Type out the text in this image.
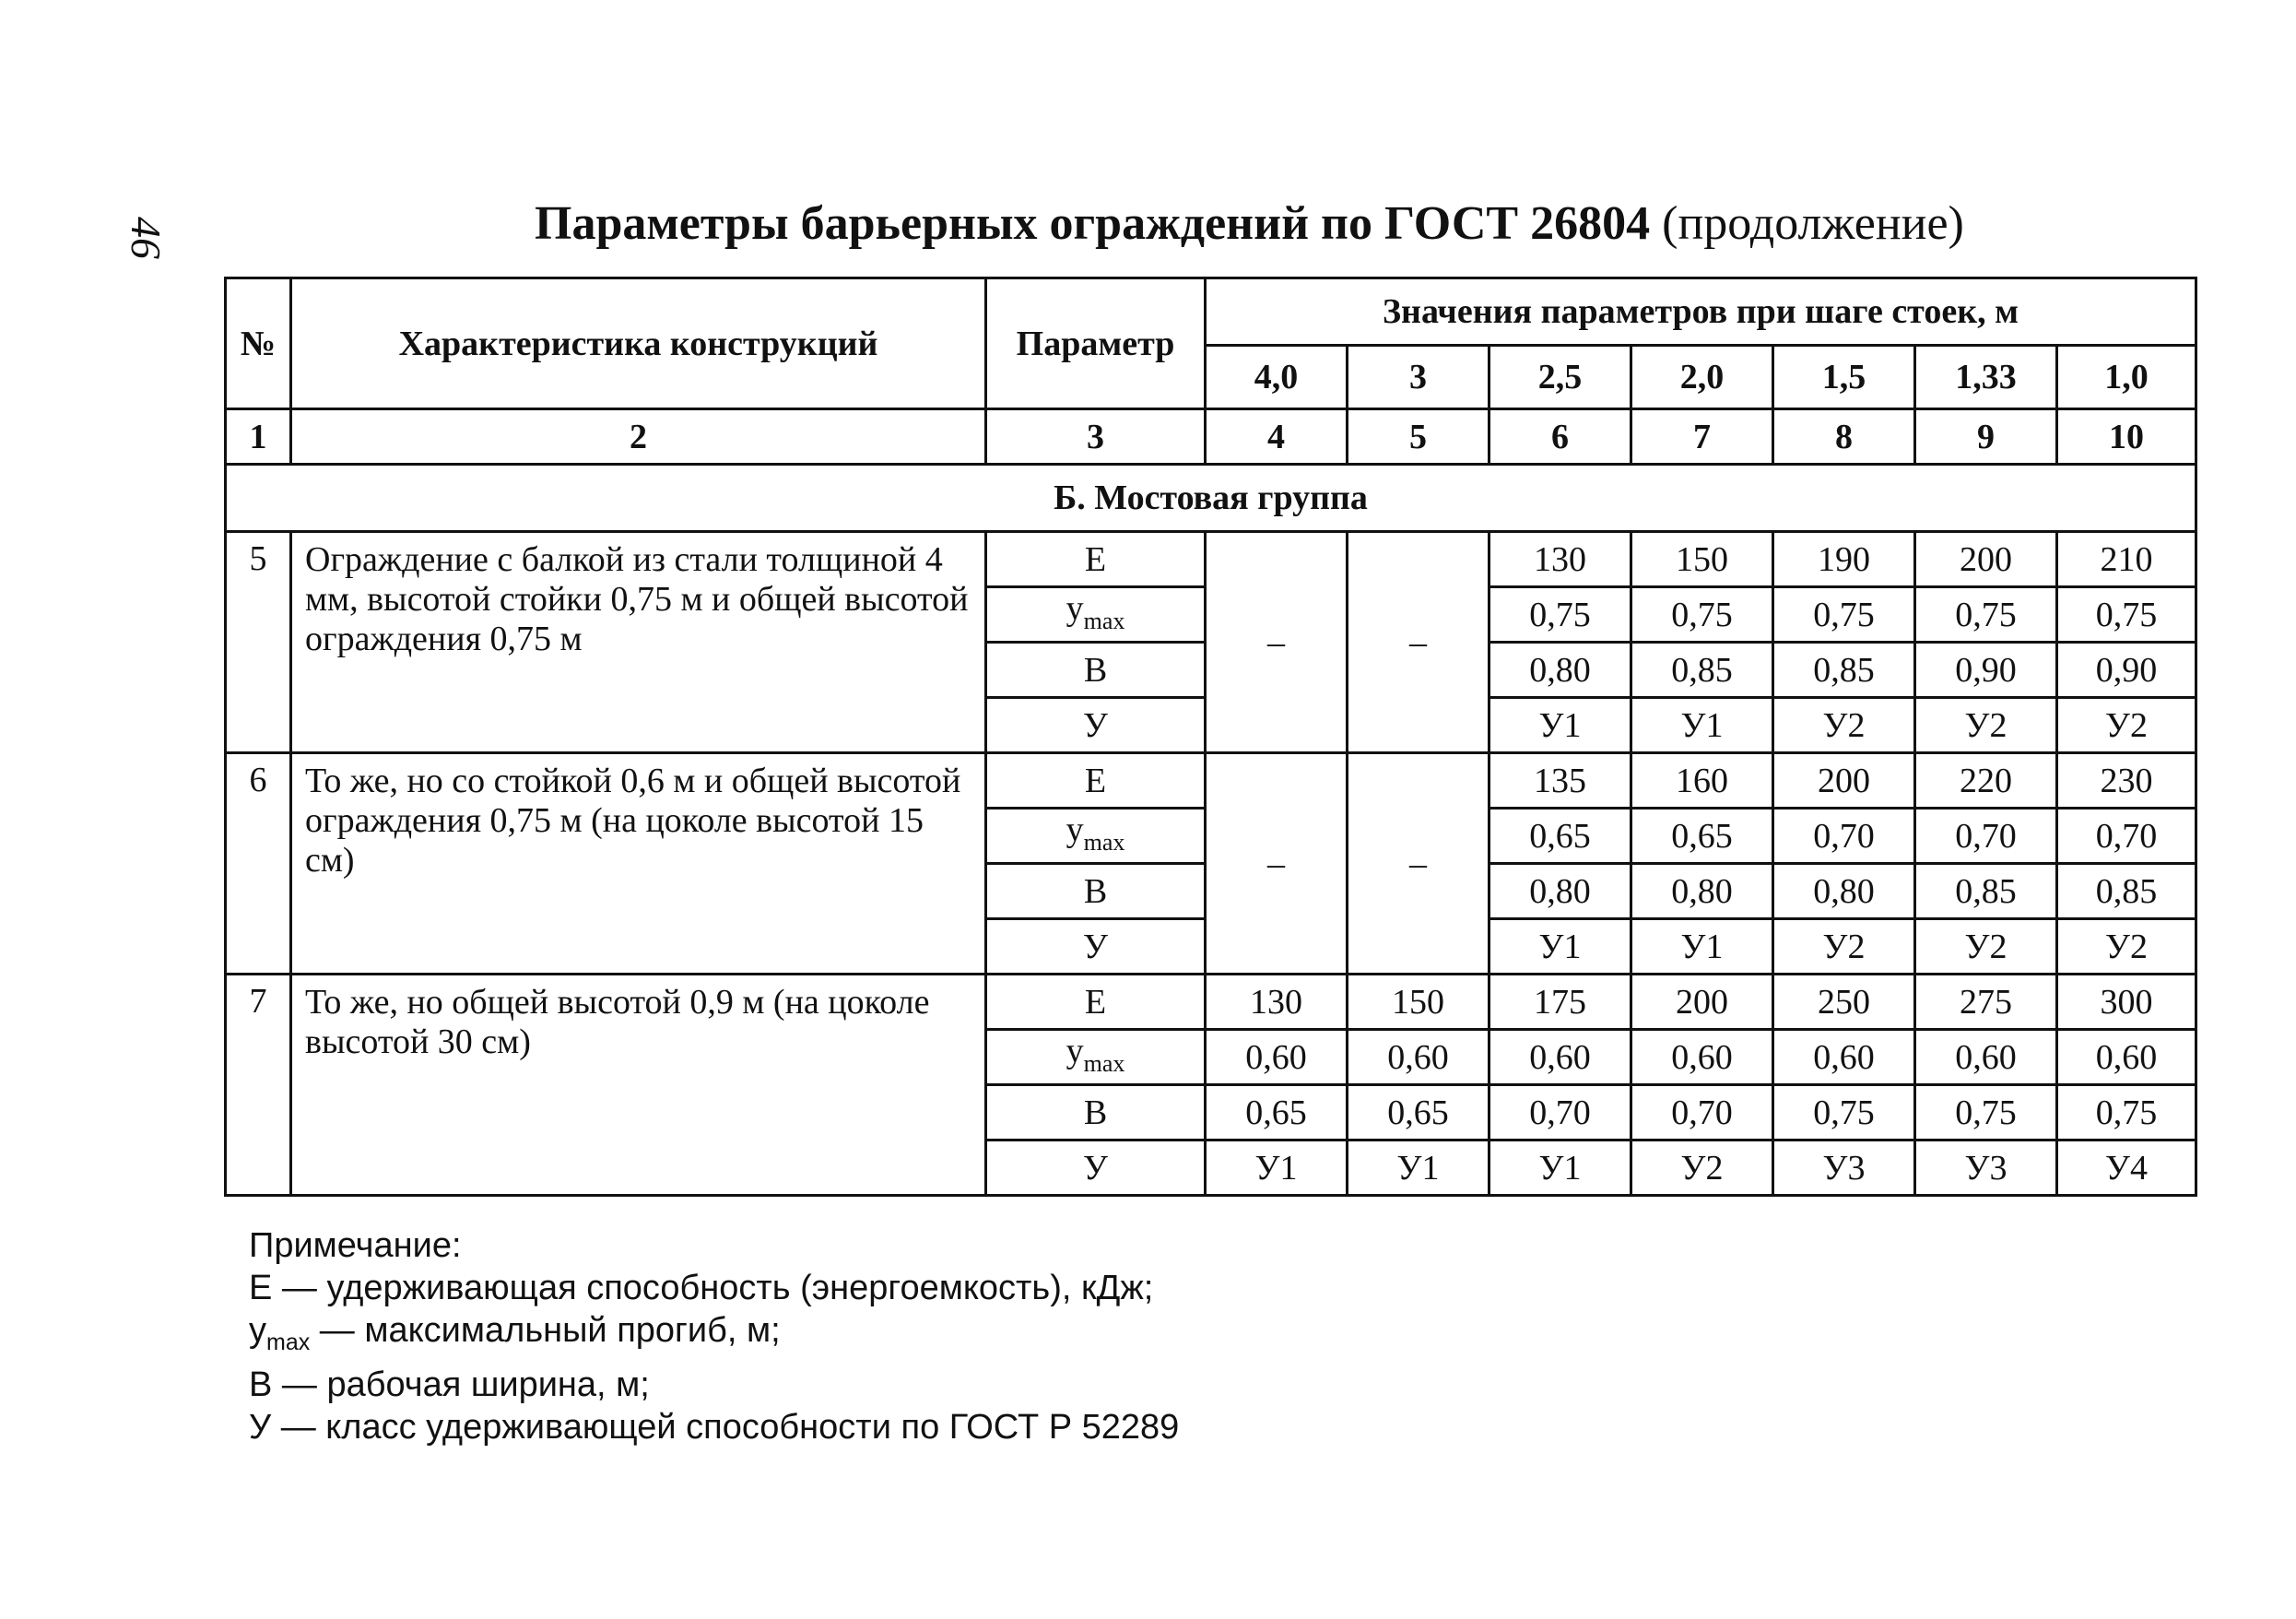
46	Параметры барьерных ограждений по ГОСТ 26804 (продолжение)
№	Характеристика конструкций	Параметр	Значения параметров при шаге стоек, м						
			4,0	3	2,5	2,0	1,5	1,33	1,0
1	2	3	4	5	6	7	8	9	10
Б. Мостовая группа									
5	Ограждение с балкой из стали толщиной 4 мм, высотой стойки 0,75 м и общей высотой ограждения 0,75 м	E	–	–	130	150	190	200	210
		$y_{max}$			0,75	0,75	0,75	0,75	0,75
		B			0,80	0,85	0,85	0,90	0,90
		У			У1	У1	У2	У2	У2
6	То же, но со стойкой 0,6 м и общей высотой ограждения 0,75 м (на цоколе высотой 15 см)	E	–	–	135	160	200	220	230
		$y_{max}$			0,65	0,65	0,70	0,70	0,70
		B			0,80	0,80	0,80	0,85	0,85
		У			У1	У1	У2	У2	У2
7	То же, но общей высотой 0,9 м (на цоколе высотой 30 см)	E	130	150	175	200	250	275	300
		$y_{max}$	0,60	0,60	0,60	0,60	0,60	0,60	0,60
		B	0,65	0,65	0,70	0,70	0,75	0,75	0,75
		У	У1	У1	У1	У2	У3	У3	У4
Примечание:
Е — удерживающая способность (энергоемкость), кДж;
$y_{max}$ — максимальный прогиб, м;
В — рабочая ширина, м;
У — класс удерживающей способности по ГОСТ Р 52289
